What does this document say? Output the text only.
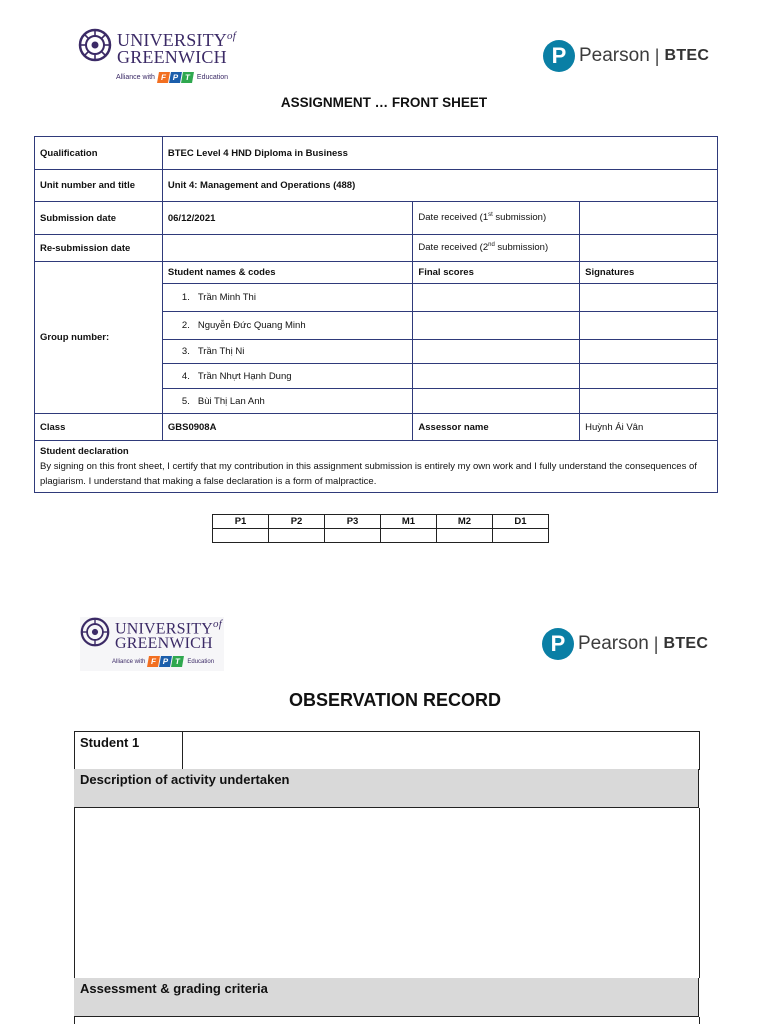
$UNIVERSITY^{of}$
GREENWICH
Alliance with F P T Education
P Pearson | BTEC
ASSIGNMENT … FRONT SHEET
Qualification	BTEC Level 4 HND Diploma in Business		
Unit number and title	Unit 4: Management and Operations (488)		
Submission date	06/12/2021	Date received (1st submission)	
Re-submission date		Date received (2nd submission)	
Group number:	Student names & codes	Final scores	Signatures
	1. Trần Minh Thi		
	2. Nguyễn Đức Quang Minh		
	3. Trần Thị Ni		
	4. Trần Nhựt Hạnh Dung		
	5. Bùi Thị Lan Anh		
Class	GBS0908A	Assessor name	Huỳnh Ái Vân

Student declaration
By signing on this front sheet, I certify that my contribution in this assignment submission is entirely my own work and I fully understand the consequences of plagiarism. I understand that making a false declaration is a form of malpractice.			
P1	P2	P3	M1	M2	D1

$UNIVERSITY^{of}$
GREENWICH
Alliance with F P T	Education
P Pearson | BTEC
OBSERVATION RECORD
Student 1
Description of activity undertaken
Assessment & grading criteria
